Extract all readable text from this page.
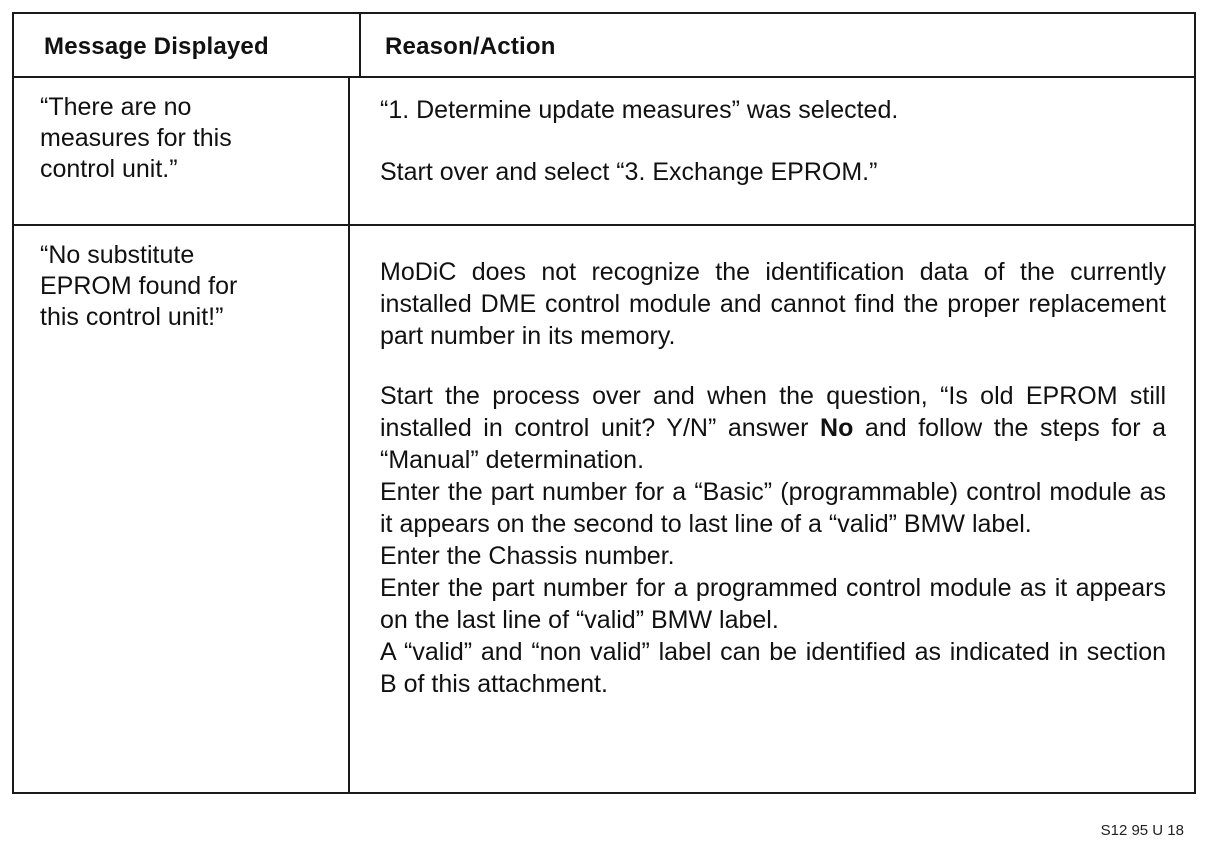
Message Displayed	Reason/Action
“There are no
measures for this
control unit.”

“1. Determine update measures” was selected.

Start over and select “3. Exchange EPROM.”

“No substitute
EPROM found for
this control unit!”

MoDiC does not recognize the identification data of the currently installed DME control module and cannot find the proper replacement part number in its memory.

Start the process over and when the question, “Is old EPROM still installed in control unit? Y/N” answer No and follow the steps for a “Manual” determination.

Enter the part number for a “Basic” (programmable) control module as it appears on the second to last line of a “valid” BMW label.

Enter the Chassis number.

Enter the part number for a programmed control module as it appears on the last line of “valid” BMW label.

A “valid” and “non valid” label can be identified as indicated in section B of this attachment.

S12 95 U 18
